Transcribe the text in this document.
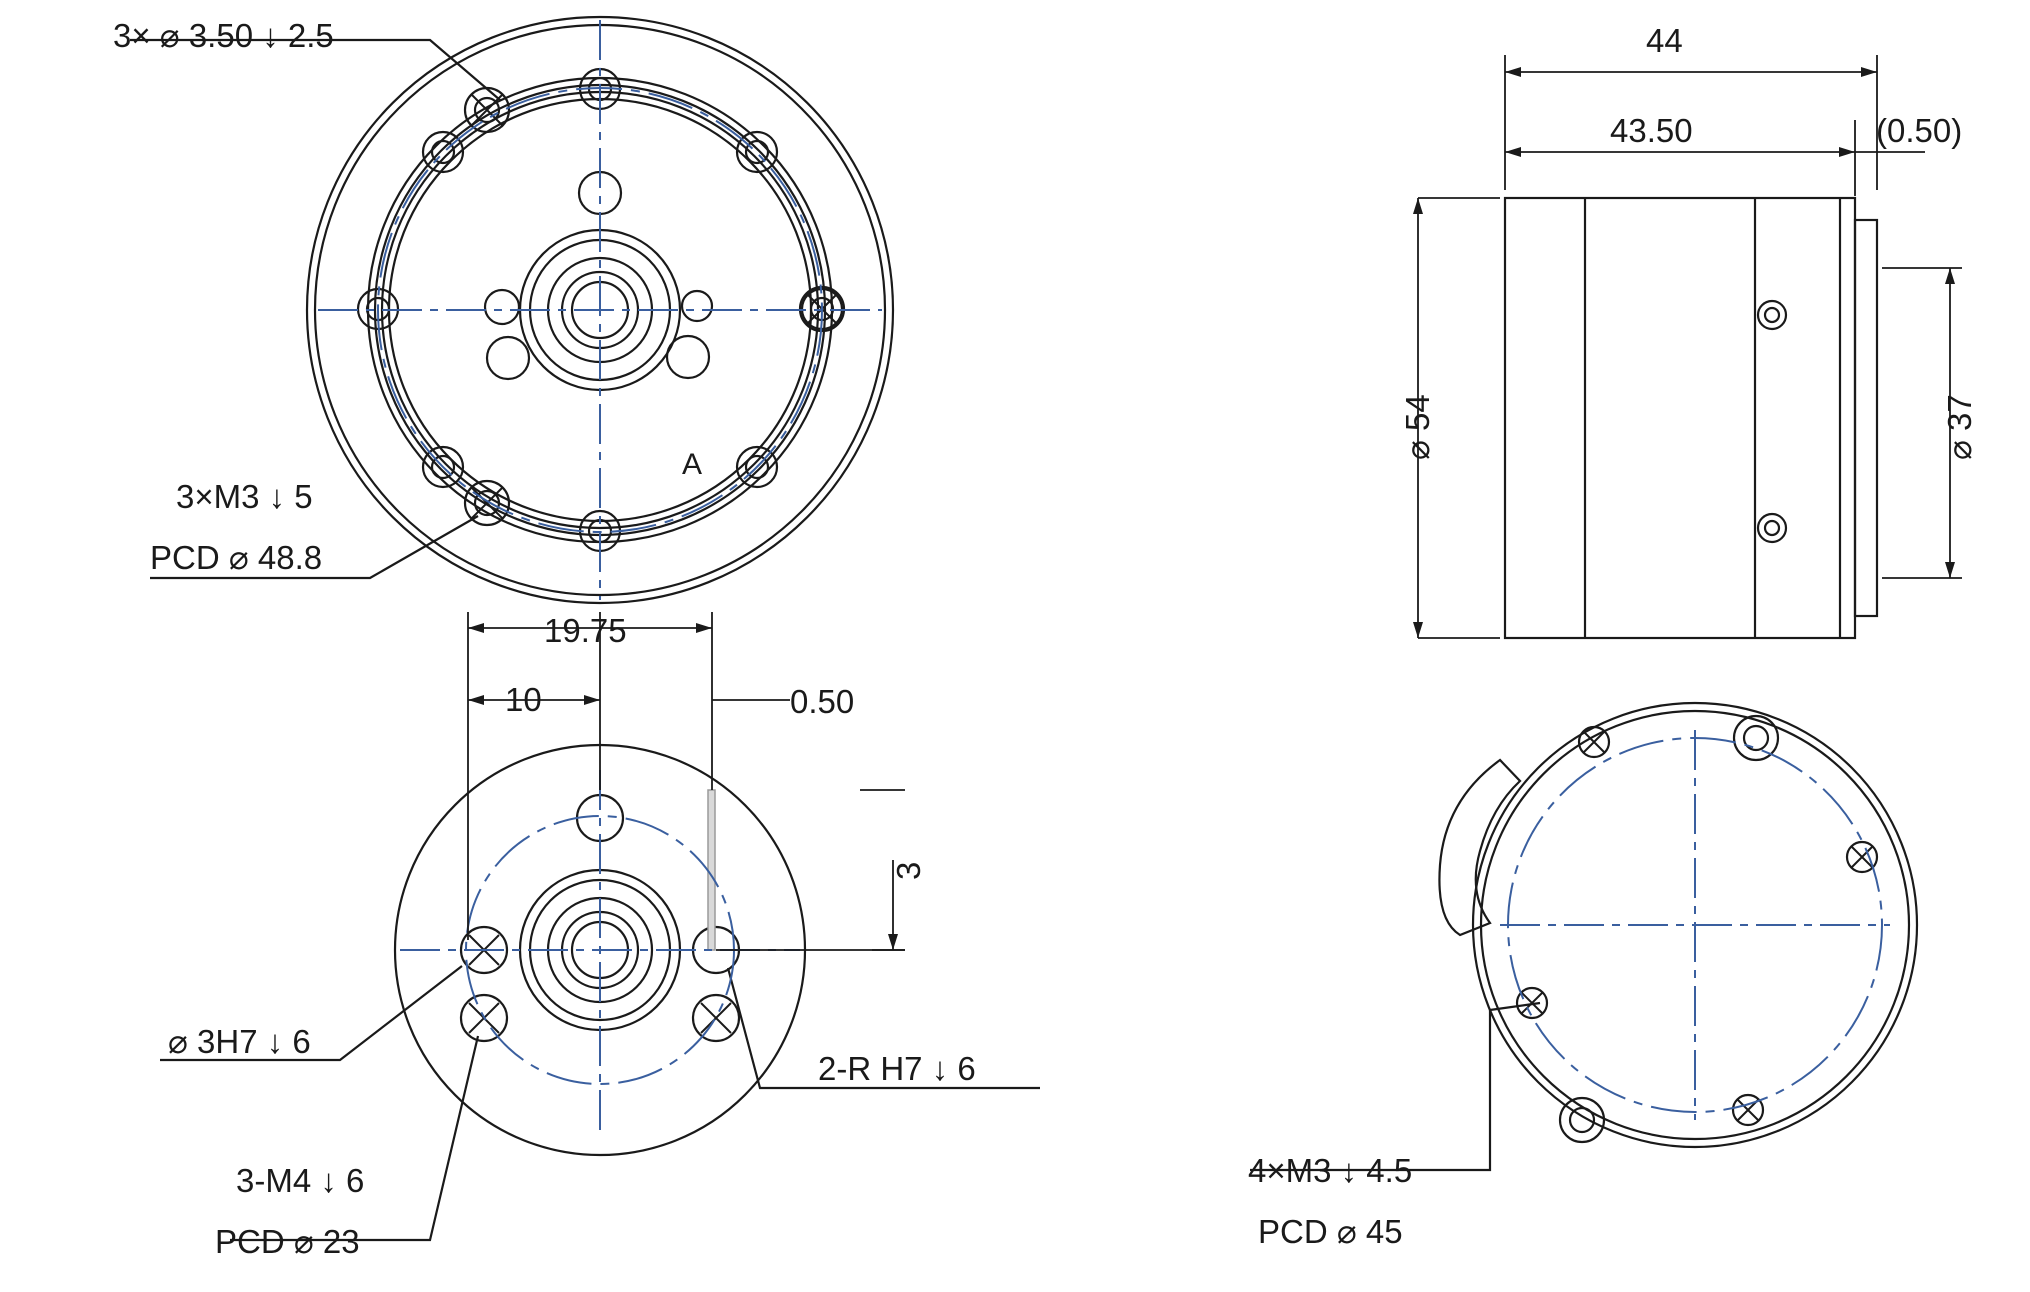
3× ⌀ 3.50 ↓ 2.5
3×M3 ↓ 5
PCD ⌀ 48.8
A
19.75
10	0.50
3
⌀ 3H7 ↓ 6
2-R H7 ↓ 6
3-M4 ↓ 6
PCD ⌀ 23
44
43.50	(0.50)
⌀ 54	⌀ 37
4×M3 ↓ 4.5
PCD ⌀ 45
